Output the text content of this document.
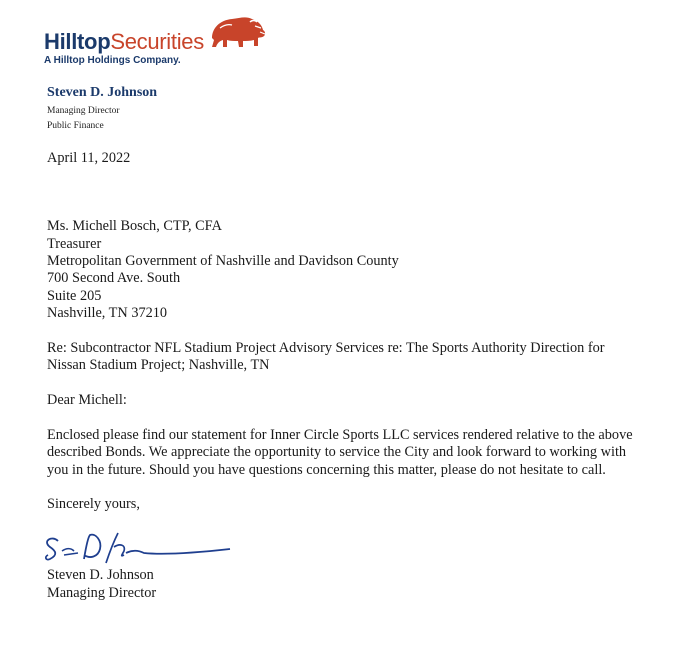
HilltopSecurities
A Hilltop Holdings Company.
Steven D. Johnson
Managing Director
Public Finance
April 11, 2022
Ms. Michell Bosch, CTP, CFA
Treasurer
Metropolitan Government of Nashville and Davidson County
700 Second Ave. South
Suite 205
Nashville, TN 37210
Re: Subcontractor NFL Stadium Project Advisory Services re: The Sports Authority Direction for
Nissan Stadium Project; Nashville, TN
Dear Michell:
Enclosed please find our statement for Inner Circle Sports LLC services rendered relative to the above
described Bonds. We appreciate the opportunity to service the City and look forward to working with
you in the future. Should you have questions concerning this matter, please do not hesitate to call.
Sincerely yours,
Steven D. Johnson
Managing Director
